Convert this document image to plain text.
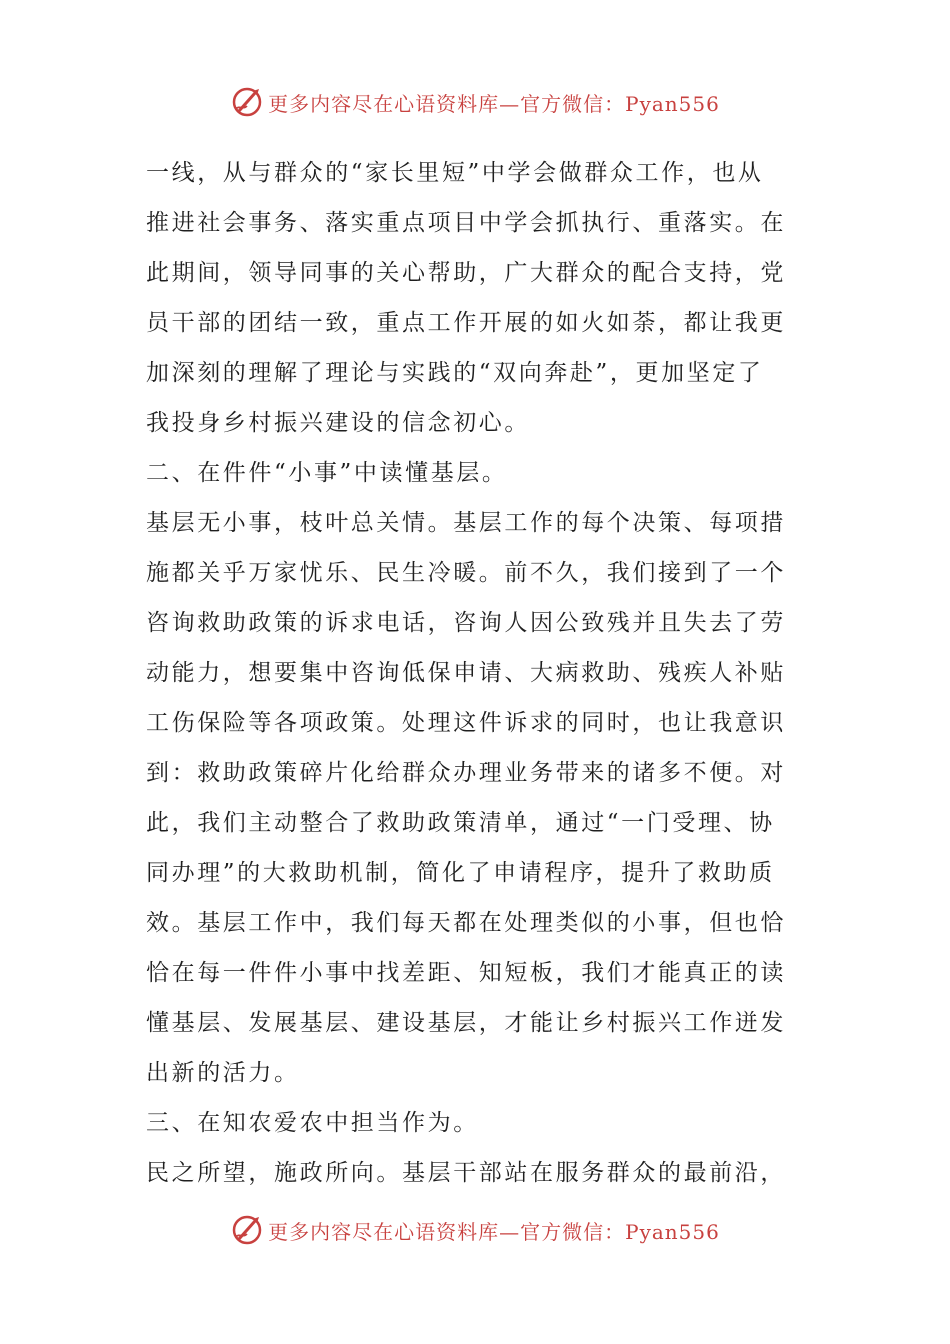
更多内容尽在心语资料库—官方微信：Pyan556
一线，从与群众的“家长里短”中学会做群众工作，也从
推进社会事务、落实重点项目中学会抓执行、重落实。在
此期间，领导同事的关心帮助，广大群众的配合支持，党
员干部的团结一致，重点工作开展的如火如荼，都让我更
加深刻的理解了理论与实践的“双向奔赴”，更加坚定了
我投身乡村振兴建设的信念初心。
二、在件件“小事”中读懂基层。
基层无小事，枝叶总关情。基层工作的每个决策、每项措
施都关乎万家忧乐、民生冷暖。前不久，我们接到了一个
咨询救助政策的诉求电话，咨询人因公致残并且失去了劳
动能力，想要集中咨询低保申请、大病救助、残疾人补贴
工伤保险等各项政策。处理这件诉求的同时，也让我意识
到：救助政策碎片化给群众办理业务带来的诸多不便。对
此，我们主动整合了救助政策清单，通过“一门受理、协
同办理”的大救助机制，简化了申请程序，提升了救助质
效。基层工作中，我们每天都在处理类似的小事，但也恰
恰在每一件件小事中找差距、知短板，我们才能真正的读
懂基层、发展基层、建设基层，才能让乡村振兴工作迸发
出新的活力。
三、在知农爱农中担当作为。
民之所望，施政所向。基层干部站在服务群众的最前沿，
更多内容尽在心语资料库—官方微信：Pyan556
